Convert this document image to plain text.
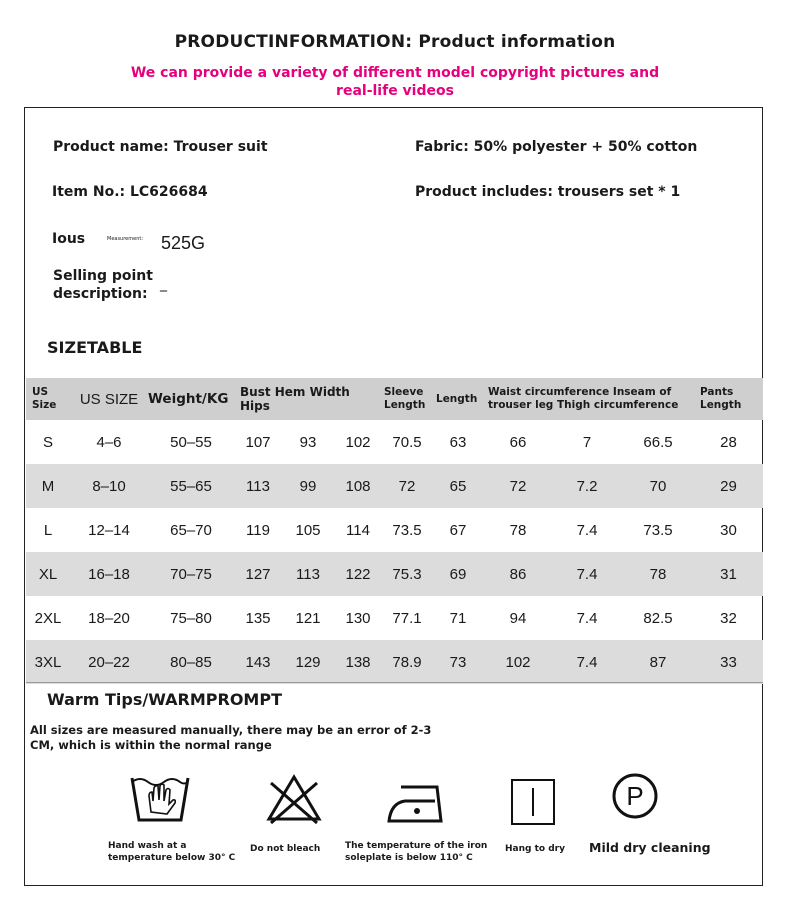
PRODUCTINFORMATION: Product information
We can provide a variety of different model copyright pictures and
real-life videos
Product name: Trouser suit	Fabric: 50% polyester + 50% cotton
Item No.: LC626684	Product includes: trousers set * 1
Ious	Measurement: 525G
Selling point
description:
_
SIZETABLE
US Size	US SIZE	Weight/KG	Bust Hem Width Hips			Sleeve Length	Length	Waist circumference Inseam of trouser leg Thigh circumference			Pants Length
S	4–6	50–55	107	93	102	70.5	63	66	7	66.5	28
M	8–10	55–65	113	99	108	72	65	72	7.2	70	29
L	12–14	65–70	119	105	114	73.5	67	78	7.4	73.5	30
XL	16–18	70–75	127	113	122	75.3	69	86	7.4	78	31
2XL	18–20	75–80	135	121	130	77.1	71	94	7.4	82.5	32
3XL	20–22	80–85	143	129	138	78.9	73	102	7.4	87	33
Warm Tips/WARMPROMPT
All sizes are measured manually, there may be an error of 2-3
CM, which is within the normal range
P
Hand wash at a
temperature below 30° C
Do not bleach	The temperature of the iron
soleplate is below 110° C
Hang to dry Mild dry cleaning
